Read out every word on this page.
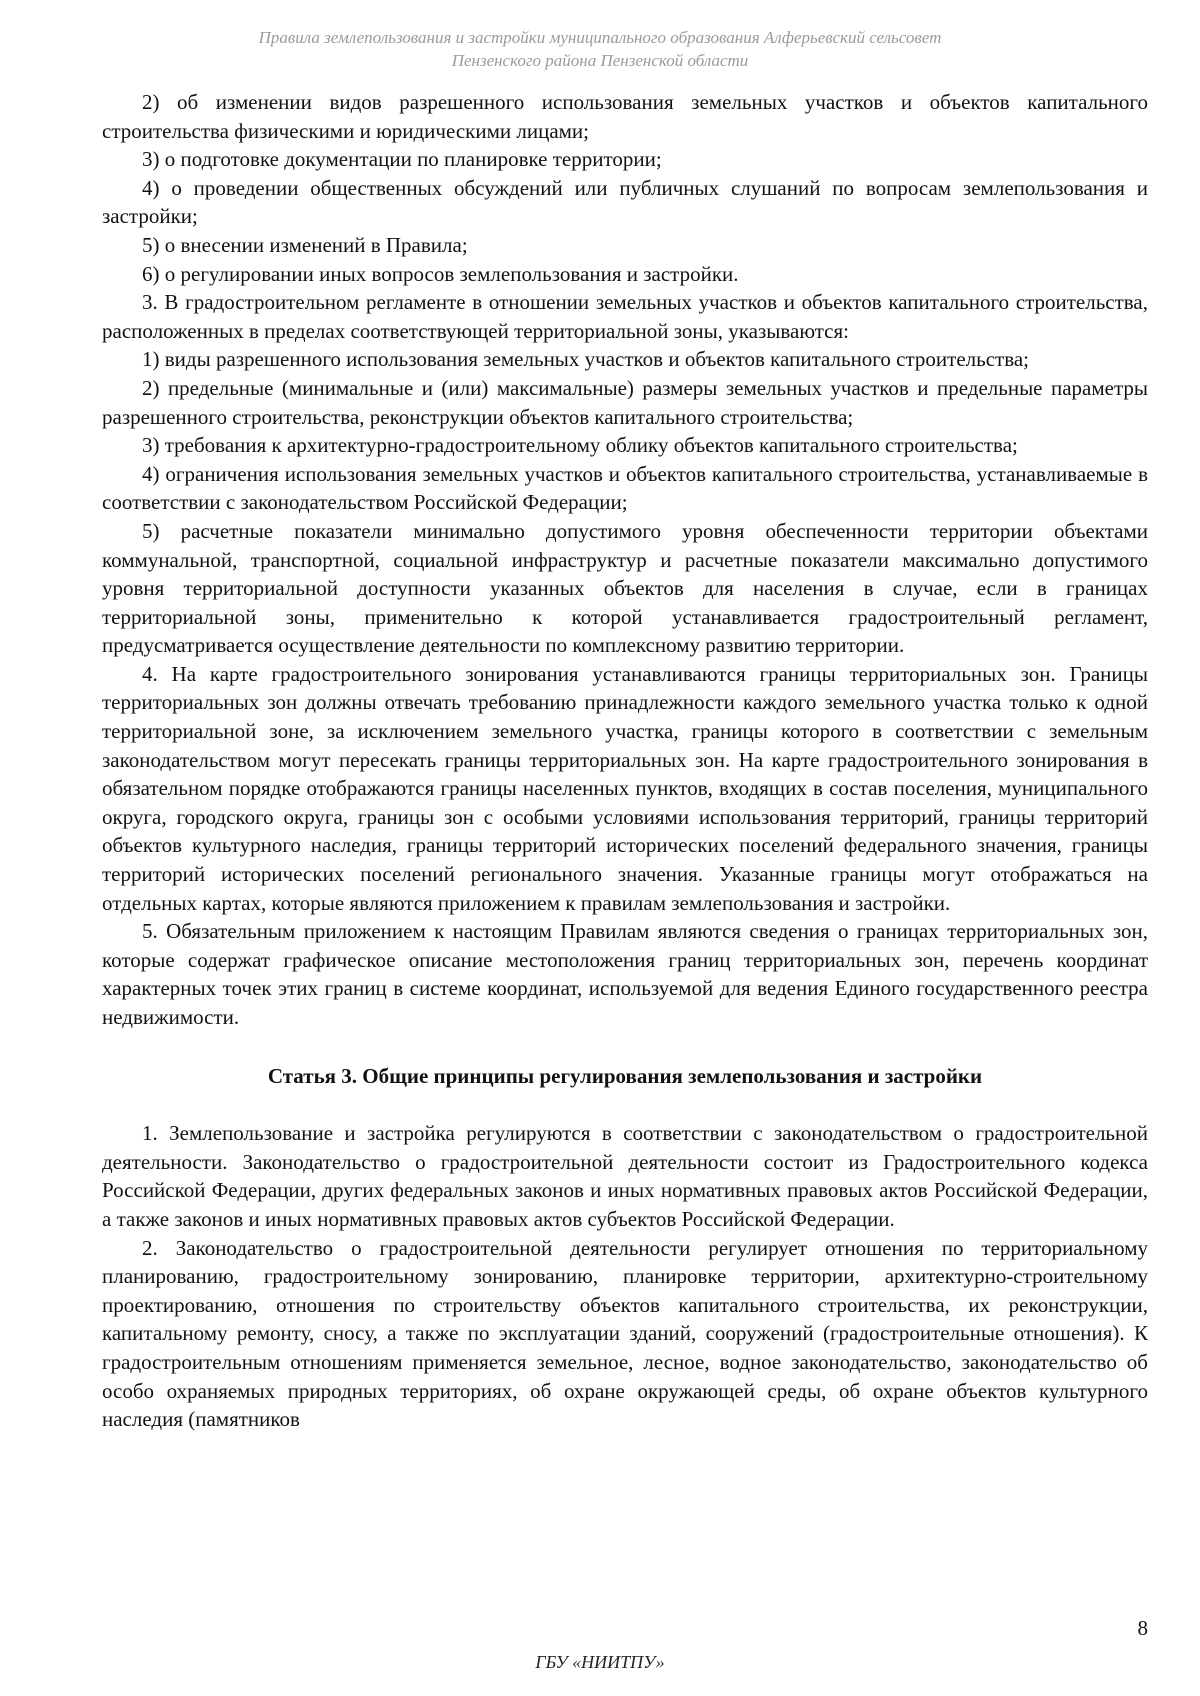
Правила землепользования и застройки муниципального образования Алферьевский сельсовет
Пензенского района Пензенской области

2) об изменении видов разрешенного использования земельных участков и объектов капитального строительства физическими и юридическими лицами;

3) о подготовке документации по планировке территории;

4) о проведении общественных обсуждений или публичных слушаний по вопросам землепользования и застройки;

5) о внесении изменений в Правила;

6) о регулировании иных вопросов землепользования и застройки.

3. В градостроительном регламенте в отношении земельных участков и объектов капитального строительства, расположенных в пределах соответствующей территориальной зоны, указываются:

1) виды разрешенного использования земельных участков и объектов капитального строительства;

2) предельные (минимальные и (или) максимальные) размеры земельных участков и предельные параметры разрешенного строительства, реконструкции объектов капитального строительства;

3) требования к архитектурно-градостроительному облику объектов капитального строительства;

4) ограничения использования земельных участков и объектов капитального строительства, устанавливаемые в соответствии с законодательством Российской Федерации;

5) расчетные показатели минимально допустимого уровня обеспеченности территории объектами коммунальной, транспортной, социальной инфраструктур и расчетные показатели максимально допустимого уровня территориальной доступности указанных объектов для населения в случае, если в границах территориальной зоны, применительно к которой устанавливается градостроительный регламент, предусматривается осуществление деятельности по комплексному развитию территории.

4. На карте градостроительного зонирования устанавливаются границы территориальных зон. Границы территориальных зон должны отвечать требованию принадлежности каждого земельного участка только к одной территориальной зоне, за исключением земельного участка, границы которого в соответствии с земельным законодательством могут пересекать границы территориальных зон. На карте градостроительного зонирования в обязательном порядке отображаются границы населенных пунктов, входящих в состав поселения, муниципального округа, городского округа, границы зон с особыми условиями использования территорий, границы территорий объектов культурного наследия, границы территорий исторических поселений федерального значения, границы территорий исторических поселений регионального значения. Указанные границы могут отображаться на отдельных картах, которые являются приложением к правилам землепользования и застройки.

5. Обязательным приложением к настоящим Правилам являются сведения о границах территориальных зон, которые содержат графическое описание местоположения границ территориальных зон, перечень координат характерных точек этих границ в системе координат, используемой для ведения Единого государственного реестра недвижимости.

Статья 3. Общие принципы регулирования землепользования и застройки

1. Землепользование и застройка регулируются в соответствии с законодательством о градостроительной деятельности. Законодательство о градостроительной деятельности состоит из Градостроительного кодекса Российской Федерации, других федеральных законов и иных нормативных правовых актов Российской Федерации, а также законов и иных нормативных правовых актов субъектов Российской Федерации.

2. Законодательство о градостроительной деятельности регулирует отношения по территориальному планированию, градостроительному зонированию, планировке территории, архитектурно-строительному проектированию, отношения по строительству объектов капитального строительства, их реконструкции, капитальному ремонту, сносу, а также по эксплуатации зданий, сооружений (градостроительные отношения). К градостроительным отношениям применяется земельное, лесное, водное законодательство, законодательство об особо охраняемых природных территориях, об охране окружающей среды, об охране объектов культурного наследия (памятников

8
ГБУ «НИИТПУ»
